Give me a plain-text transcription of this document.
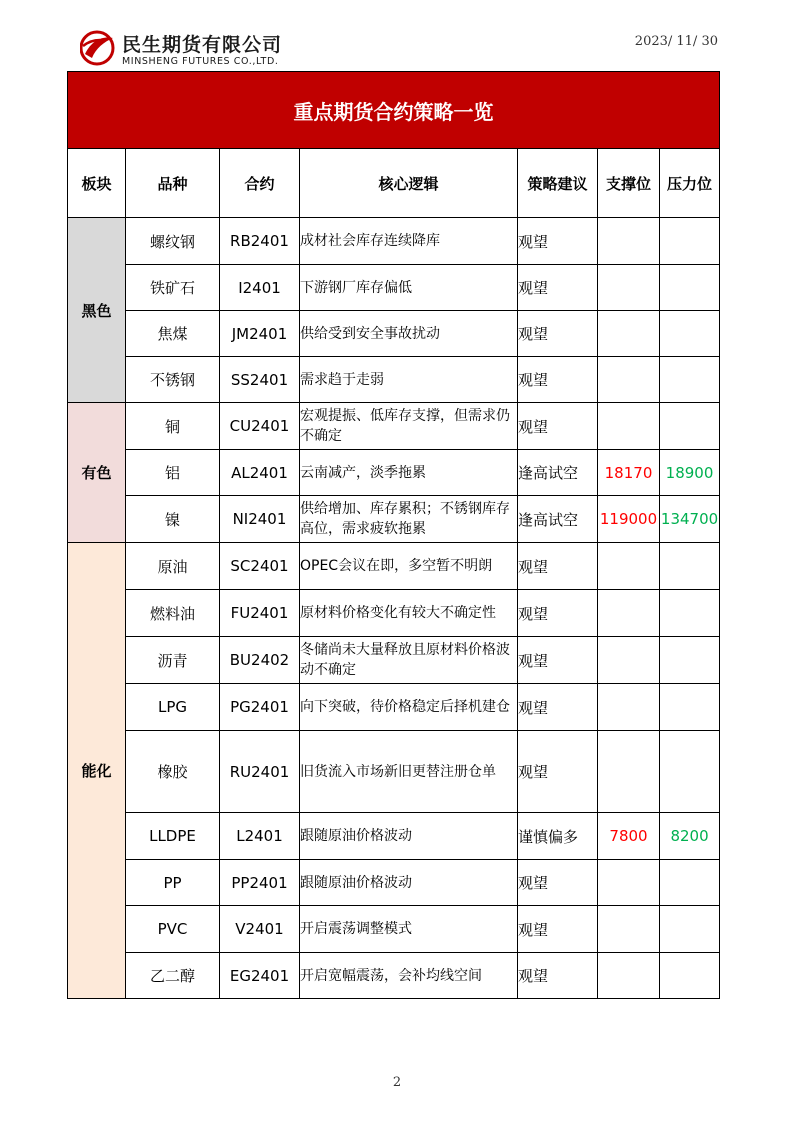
民生期货有限公司
MINSHENG FUTURES CO.,LTD.
2023/ 11/ 30
重点期货合约策略一览						
板块	品种	合约	核心逻辑	策略建议	支撑位	压力位
黑色	螺纹钢	RB2401	成材社会库存连续降库	观望		
	铁矿石	I2401	下游钢厂库存偏低	观望		
	焦煤	JM2401	供给受到安全事故扰动	观望		
	不锈钢	SS2401	需求趋于走弱	观望		
有色	铜	CU2401	宏观提振、低库存支撑，但需求仍不确定	观望		
	铝	AL2401	云南减产，淡季拖累	逢高试空	18170	18900
	镍	NI2401	供给增加、库存累积；不锈钢库存高位，需求疲软拖累	逢高试空	119000	134700
能化	原油	SC2401	OPEC会议在即，多空暂不明朗	观望		
	燃料油	FU2401	原材料价格变化有较大不确定性	观望		
	沥青	BU2402	冬储尚未大量释放且原材料价格波动不确定	观望		
	LPG	PG2401	向下突破，待价格稳定后择机建仓	观望		
	橡胶	RU2401	旧货流入市场新旧更替注册仓单	观望		
	LLDPE	L2401	跟随原油价格波动	谨慎偏多	7800	8200
	PP	PP2401	跟随原油价格波动	观望		
	PVC	V2401	开启震荡调整模式	观望		
	乙二醇	EG2401	开启宽幅震荡，会补均线空间	观望		
2
